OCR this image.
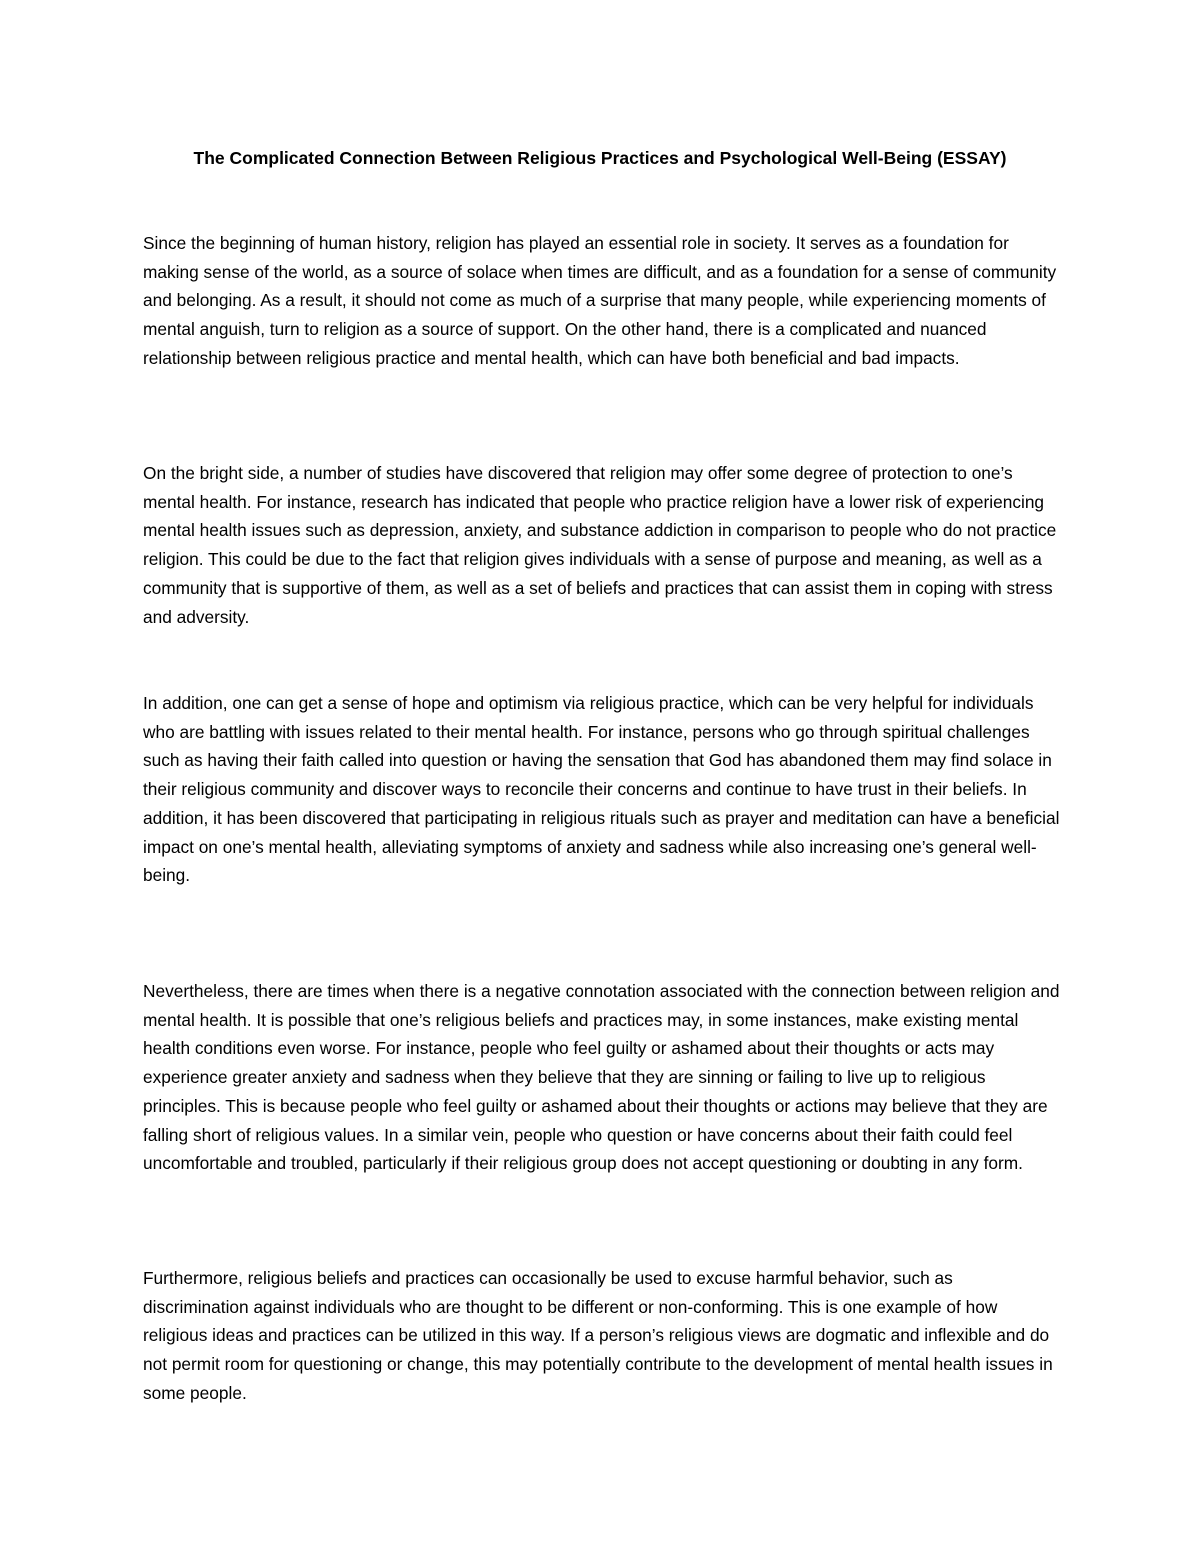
The Complicated Connection Between Religious Practices and Psychological Well-Being (ESSAY)

Since the beginning of human history, religion has played an essential role in society. It serves as a foundation for making sense of the world, as a source of solace when times are difficult, and as a foundation for a sense of community and belonging. As a result, it should not come as much of a surprise that many people, while experiencing moments of mental anguish, turn to religion as a source of support. On the other hand, there is a complicated and nuanced relationship between religious practice and mental health, which can have both beneficial and bad impacts.

On the bright side, a number of studies have discovered that religion may offer some degree of protection to one’s mental health. For instance, research has indicated that people who practice religion have a lower risk of experiencing mental health issues such as depression, anxiety, and substance addiction in comparison to people who do not practice religion. This could be due to the fact that religion gives individuals with a sense of purpose and meaning, as well as a community that is supportive of them, as well as a set of beliefs and practices that can assist them in coping with stress and adversity.

In addition, one can get a sense of hope and optimism via religious practice, which can be very helpful for individuals who are battling with issues related to their mental health. For instance, persons who go through spiritual challenges such as having their faith called into question or having the sensation that God has abandoned them may find solace in their religious community and discover ways to reconcile their concerns and continue to have trust in their beliefs. In addition, it has been discovered that participating in religious rituals such as prayer and meditation can have a beneficial impact on one’s mental health, alleviating symptoms of anxiety and sadness while also increasing one’s general well-being.

Nevertheless, there are times when there is a negative connotation associated with the connection between religion and mental health. It is possible that one’s religious beliefs and practices may, in some instances, make existing mental health conditions even worse. For instance, people who feel guilty or ashamed about their thoughts or acts may experience greater anxiety and sadness when they believe that they are sinning or failing to live up to religious principles. This is because people who feel guilty or ashamed about their thoughts or actions may believe that they are falling short of religious values. In a similar vein, people who question or have concerns about their faith could feel uncomfortable and troubled, particularly if their religious group does not accept questioning or doubting in any form.

Furthermore, religious beliefs and practices can occasionally be used to excuse harmful behavior, such as discrimination against individuals who are thought to be different or non-conforming. This is one example of how religious ideas and practices can be utilized in this way. If a person’s religious views are dogmatic and inflexible and do not permit room for questioning or change, this may potentially contribute to the development of mental health issues in some people.
